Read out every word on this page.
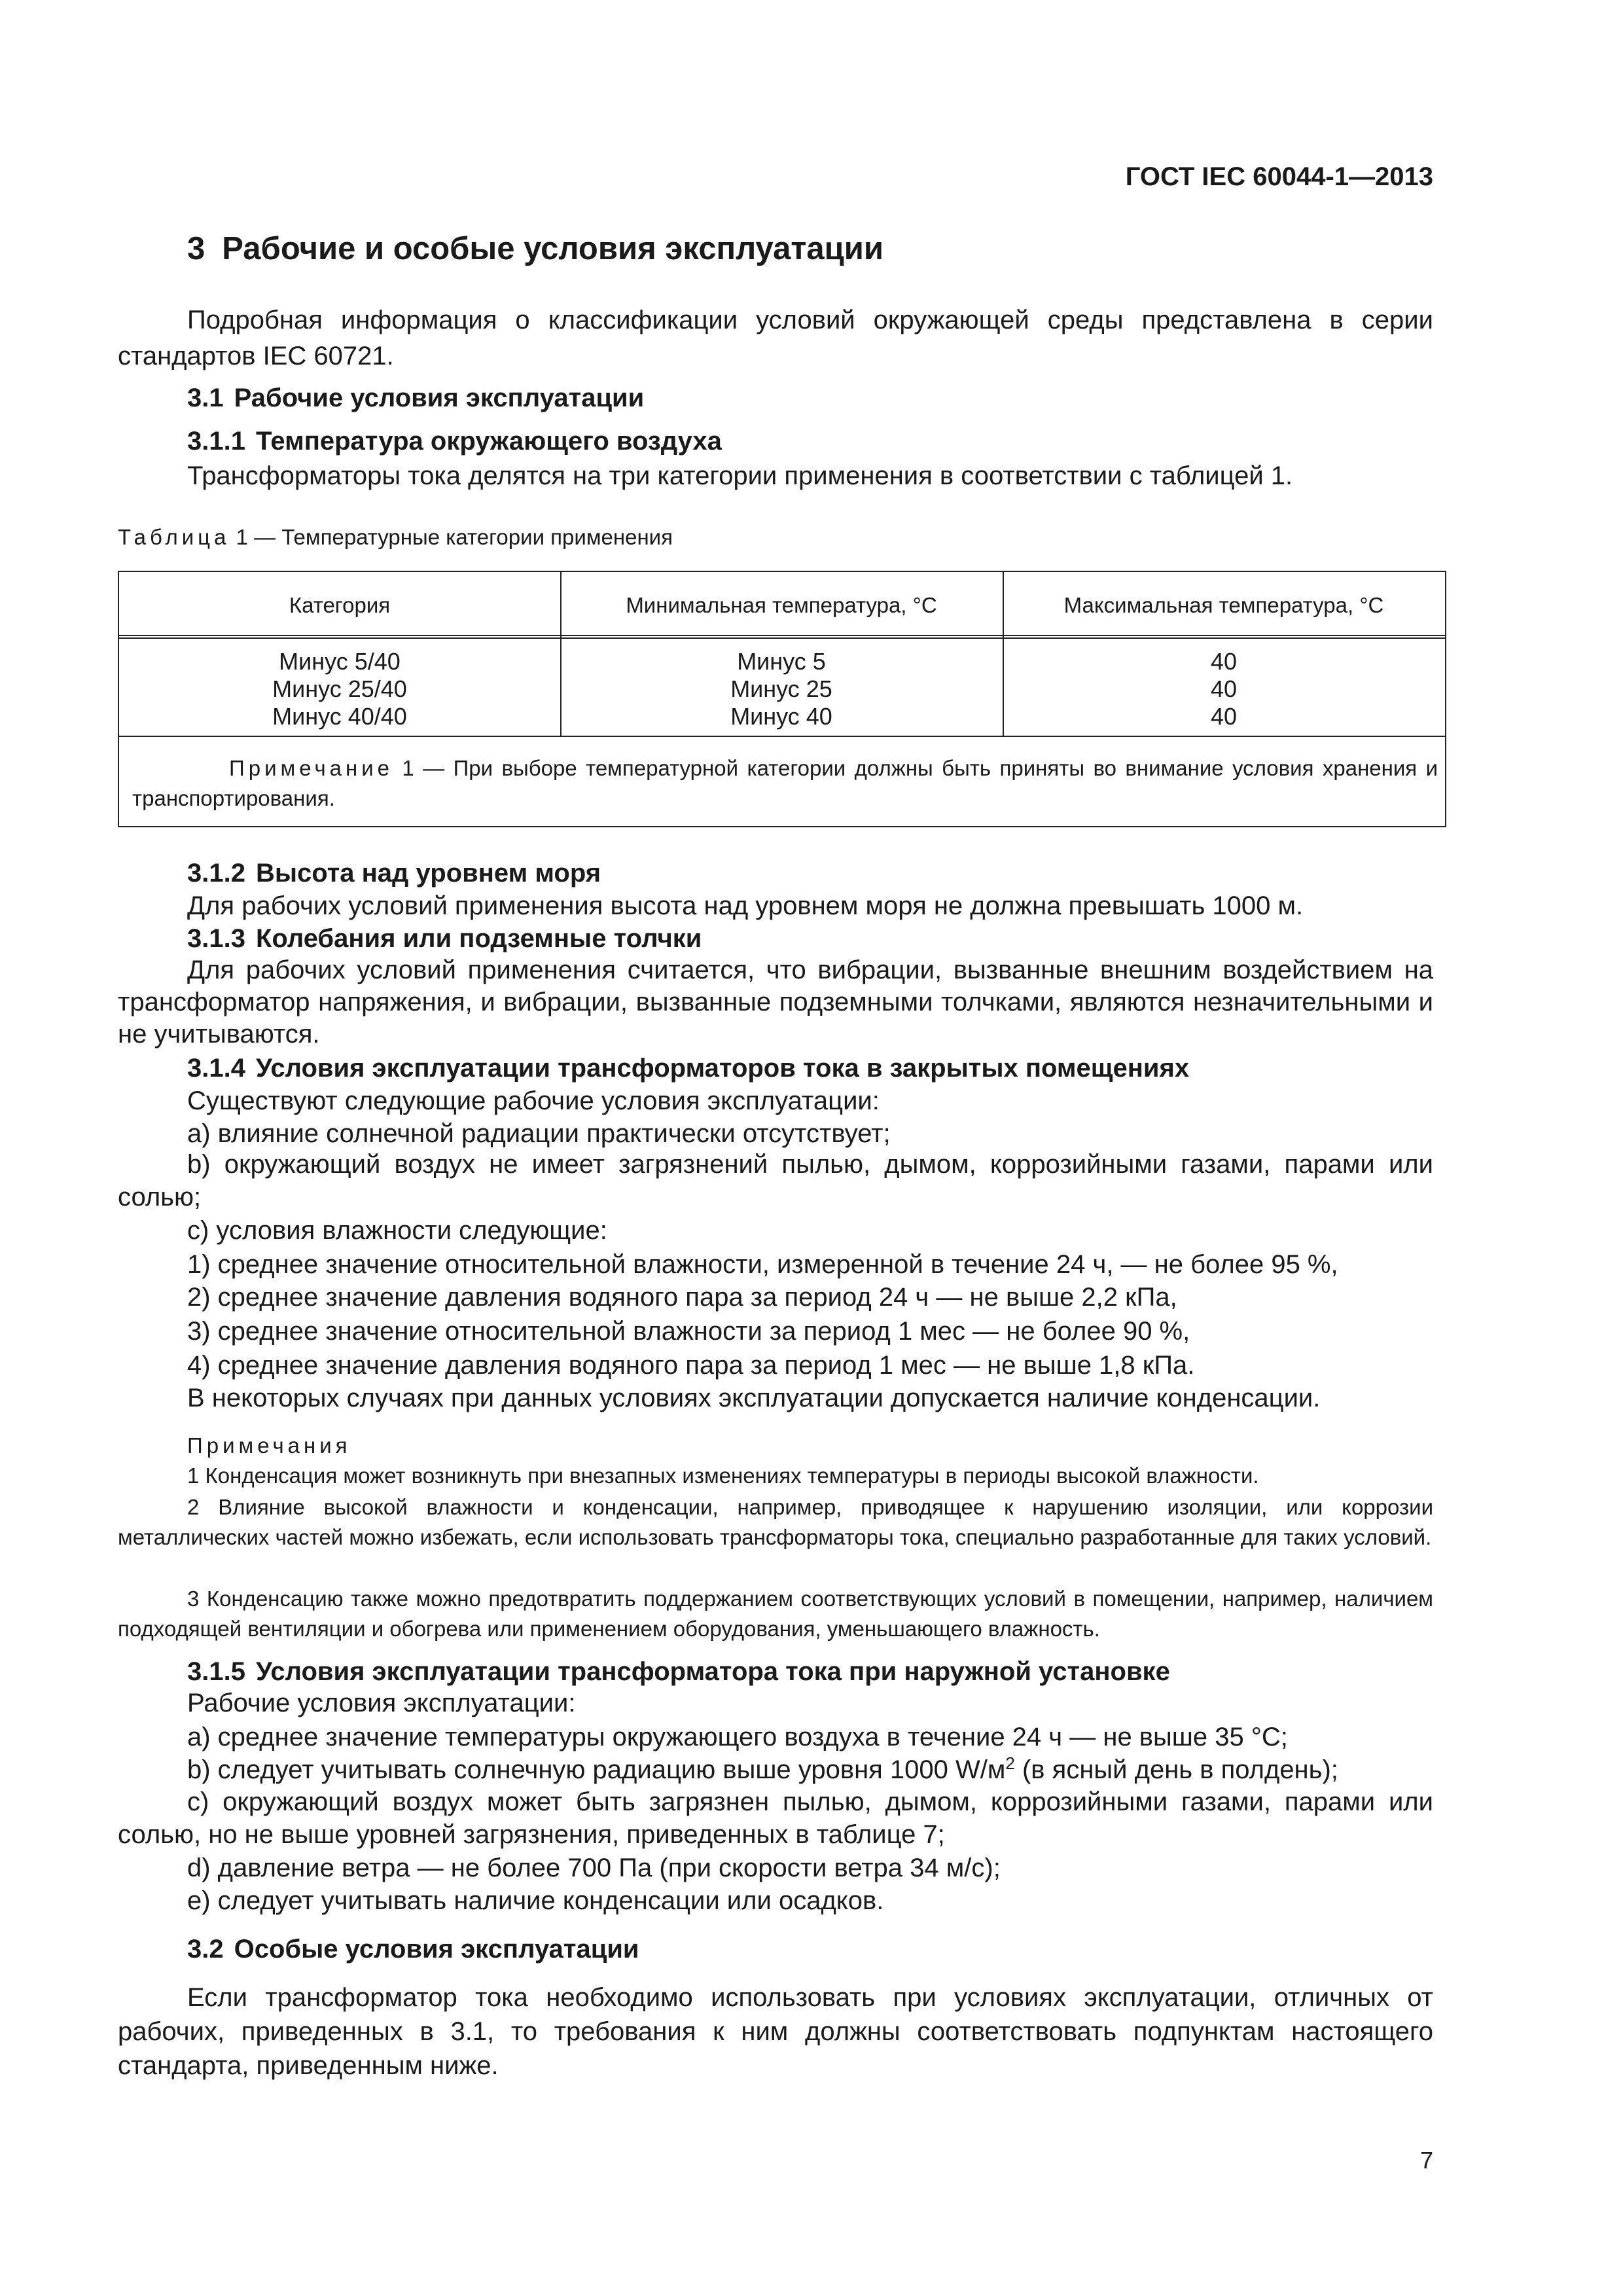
ГОСТ IEC 60044-1—2013
3 Рабочие и особые условия эксплуатации
Подробная информация о классификации условий окружающей среды представлена в серии стандартов IEC 60721.
3.1 Рабочие условия эксплуатации
3.1.1 Температура окружающего воздуха
Трансформаторы тока делятся на три категории применения в соответствии с таблицей 1.
Таблица 1 — Температурные категории применения
Категория	Минимальная температура, °С	Максимальная температура, °С
Минус 5/40
Минус 25/40
Минус 40/40
Минус 5
Минус 25
Минус 40
40
40
40
Примечание 1 — При выборе температурной категории должны быть приняты во внимание условия хранения и транспортирования.
3.1.2 Высота над уровнем моря
Для рабочих условий применения высота над уровнем моря не должна превышать 1000 м.
3.1.3 Колебания или подземные толчки
Для рабочих условий применения считается, что вибрации, вызванные внешним воздействием на трансформатор напряжения, и вибрации, вызванные подземными толчками, являются незначительными и не учитываются.
3.1.4 Условия эксплуатации трансформаторов тока в закрытых помещениях
Существуют следующие рабочие условия эксплуатации:
a) влияние солнечной радиации практически отсутствует;
b) окружающий воздух не имеет загрязнений пылью, дымом, коррозийными газами, парами или солью;
c) условия влажности следующие:
1) среднее значение относительной влажности, измеренной в течение 24 ч, — не более 95 %,
2) среднее значение давления водяного пара за период 24 ч — не выше 2,2 кПа,
3) среднее значение относительной влажности за период 1 мес — не более 90 %,
4) среднее значение давления водяного пара за период 1 мес — не выше 1,8 кПа.
В некоторых случаях при данных условиях эксплуатации допускается наличие конденсации.
Примечания
1 Конденсация может возникнуть при внезапных изменениях температуры в периоды высокой влажности.
2 Влияние высокой влажности и конденсации, например, приводящее к нарушению изоляции, или коррозии металлических частей можно избежать, если использовать трансформаторы тока, специально разработанные для таких условий.
3 Конденсацию также можно предотвратить поддержанием соответствующих условий в помещении, например, наличием подходящей вентиляции и обогрева или применением оборудования, уменьшающего влажность.
3.1.5 Условия эксплуатации трансформатора тока при наружной установке
Рабочие условия эксплуатации:
a) среднее значение температуры окружающего воздуха в течение 24 ч — не выше 35 °С;
b) следует учитывать солнечную радиацию выше уровня 1000 $W/м^2$ (в ясный день в полдень);
c) окружающий воздух может быть загрязнен пылью, дымом, коррозийными газами, парами или солью, но не выше уровней загрязнения, приведенных в таблице 7;
d) давление ветра — не более 700 Па (при скорости ветра 34 м/с);
e) следует учитывать наличие конденсации или осадков.
3.2 Особые условия эксплуатации
Если трансформатор тока необходимо использовать при условиях эксплуатации, отличных от рабочих, приведенных в 3.1, то требования к ним должны соответствовать подпунктам настоящего стандарта, приведенным ниже.
7
